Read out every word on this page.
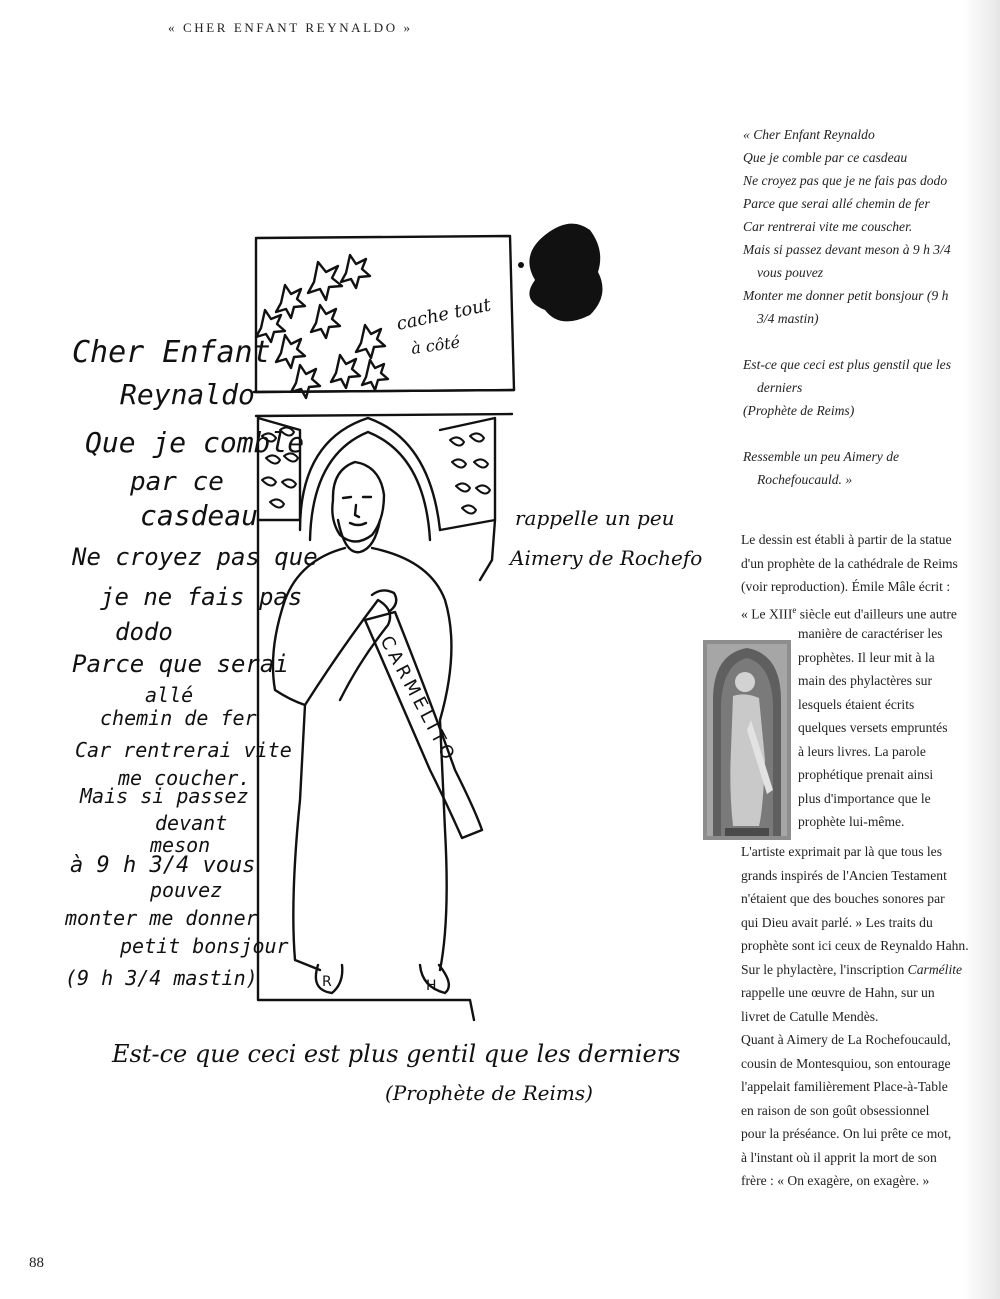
« CHER ENFANT REYNALDO »
CARMELITO
R	H
Cher Enfant
Reynaldo
Que je comble
par ce
casdeau
Ne croyez pas que
je ne fais pas
dodo
Parce que serai
allé
chemin de fer
Car rentrerai vite
me coucher.
Mais si passez
devant
meson
à 9 h 3/4 vous
pouvez
monter me donner
petit bonsjour
(9 h 3/4 mastin)
cache tout
à côté
rappelle un peu
Aimery de Rochefo
Est-ce que ceci est plus gentil que les derniers
(Prophète de Reims)
« Cher Enfant Reynaldo
Que je comble par ce casdeau
Ne croyez pas que je ne fais pas dodo
Parce que serai allé chemin de fer
Car rentrerai vite me couscher.
Mais si passez devant meson à 9 h 3/4 vous pouvez
Monter me donner petit bonsjour (9 h 3/4 mastin)
Est-ce que ceci est plus genstil que les derniers
(Prophète de Reims)
Ressemble un peu Aimery de Rochefoucauld. »
Le dessin est établi à partir de la statue
d'un prophète de la cathédrale de Reims
(voir reproduction). Émile Mâle écrit :
« Le XIIIe siècle eut d'ailleurs une autre
Prophète de la cathédrale de Reims
manière de caractériser les
prophètes. Il leur mit à la
main des phylactères sur
lesquels étaient écrits
quelques versets empruntés
à leurs livres. La parole
prophétique prenait ainsi
plus d'importance que le
prophète lui-même.
L'artiste exprimait par là que tous les
grands inspirés de l'Ancien Testament
n'étaient que des bouches sonores par
qui Dieu avait parlé. » Les traits du
prophète sont ici ceux de Reynaldo Hahn.
Sur le phylactère, l'inscription Carmélite
rappelle une œuvre de Hahn, sur un
livret de Catulle Mendès.
Quant à Aimery de La Rochefoucauld,
cousin de Montesquiou, son entourage
l'appelait familièrement Place-à-Table
en raison de son goût obsessionnel
pour la préséance. On lui prête ce mot,
à l'instant où il apprit la mort de son
frère : « On exagère, on exagère. »
88
